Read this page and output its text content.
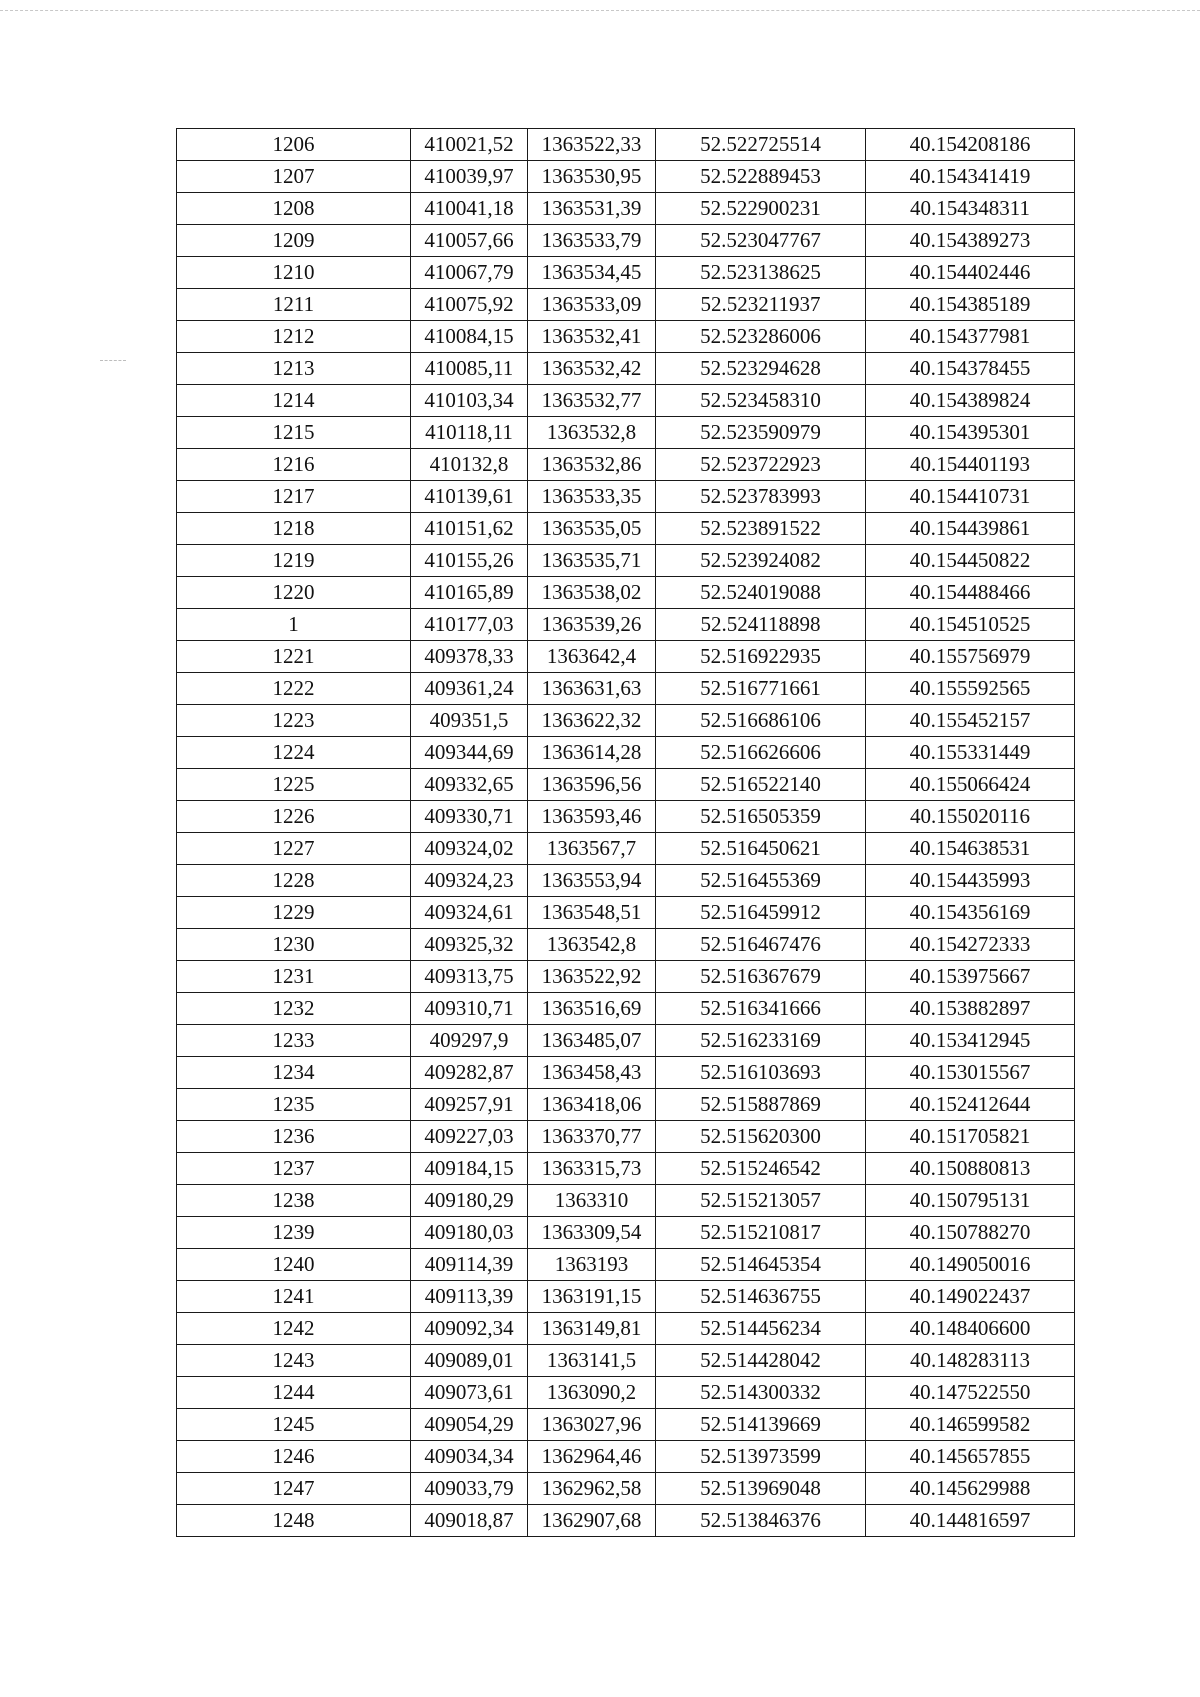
1206	410021,52	1363522,33	52.522725514	40.154208186
1207	410039,97	1363530,95	52.522889453	40.154341419
1208	410041,18	1363531,39	52.522900231	40.154348311
1209	410057,66	1363533,79	52.523047767	40.154389273
1210	410067,79	1363534,45	52.523138625	40.154402446
1211	410075,92	1363533,09	52.523211937	40.154385189
1212	410084,15	1363532,41	52.523286006	40.154377981
1213	410085,11	1363532,42	52.523294628	40.154378455
1214	410103,34	1363532,77	52.523458310	40.154389824
1215	410118,11	1363532,8	52.523590979	40.154395301
1216	410132,8	1363532,86	52.523722923	40.154401193
1217	410139,61	1363533,35	52.523783993	40.154410731
1218	410151,62	1363535,05	52.523891522	40.154439861
1219	410155,26	1363535,71	52.523924082	40.154450822
1220	410165,89	1363538,02	52.524019088	40.154488466
1	410177,03	1363539,26	52.524118898	40.154510525
1221	409378,33	1363642,4	52.516922935	40.155756979
1222	409361,24	1363631,63	52.516771661	40.155592565
1223	409351,5	1363622,32	52.516686106	40.155452157
1224	409344,69	1363614,28	52.516626606	40.155331449
1225	409332,65	1363596,56	52.516522140	40.155066424
1226	409330,71	1363593,46	52.516505359	40.155020116
1227	409324,02	1363567,7	52.516450621	40.154638531
1228	409324,23	1363553,94	52.516455369	40.154435993
1229	409324,61	1363548,51	52.516459912	40.154356169
1230	409325,32	1363542,8	52.516467476	40.154272333
1231	409313,75	1363522,92	52.516367679	40.153975667
1232	409310,71	1363516,69	52.516341666	40.153882897
1233	409297,9	1363485,07	52.516233169	40.153412945
1234	409282,87	1363458,43	52.516103693	40.153015567
1235	409257,91	1363418,06	52.515887869	40.152412644
1236	409227,03	1363370,77	52.515620300	40.151705821
1237	409184,15	1363315,73	52.515246542	40.150880813
1238	409180,29	1363310	52.515213057	40.150795131
1239	409180,03	1363309,54	52.515210817	40.150788270
1240	409114,39	1363193	52.514645354	40.149050016
1241	409113,39	1363191,15	52.514636755	40.149022437
1242	409092,34	1363149,81	52.514456234	40.148406600
1243	409089,01	1363141,5	52.514428042	40.148283113
1244	409073,61	1363090,2	52.514300332	40.147522550
1245	409054,29	1363027,96	52.514139669	40.146599582
1246	409034,34	1362964,46	52.513973599	40.145657855
1247	409033,79	1362962,58	52.513969048	40.145629988
1248	409018,87	1362907,68	52.513846376	40.144816597
